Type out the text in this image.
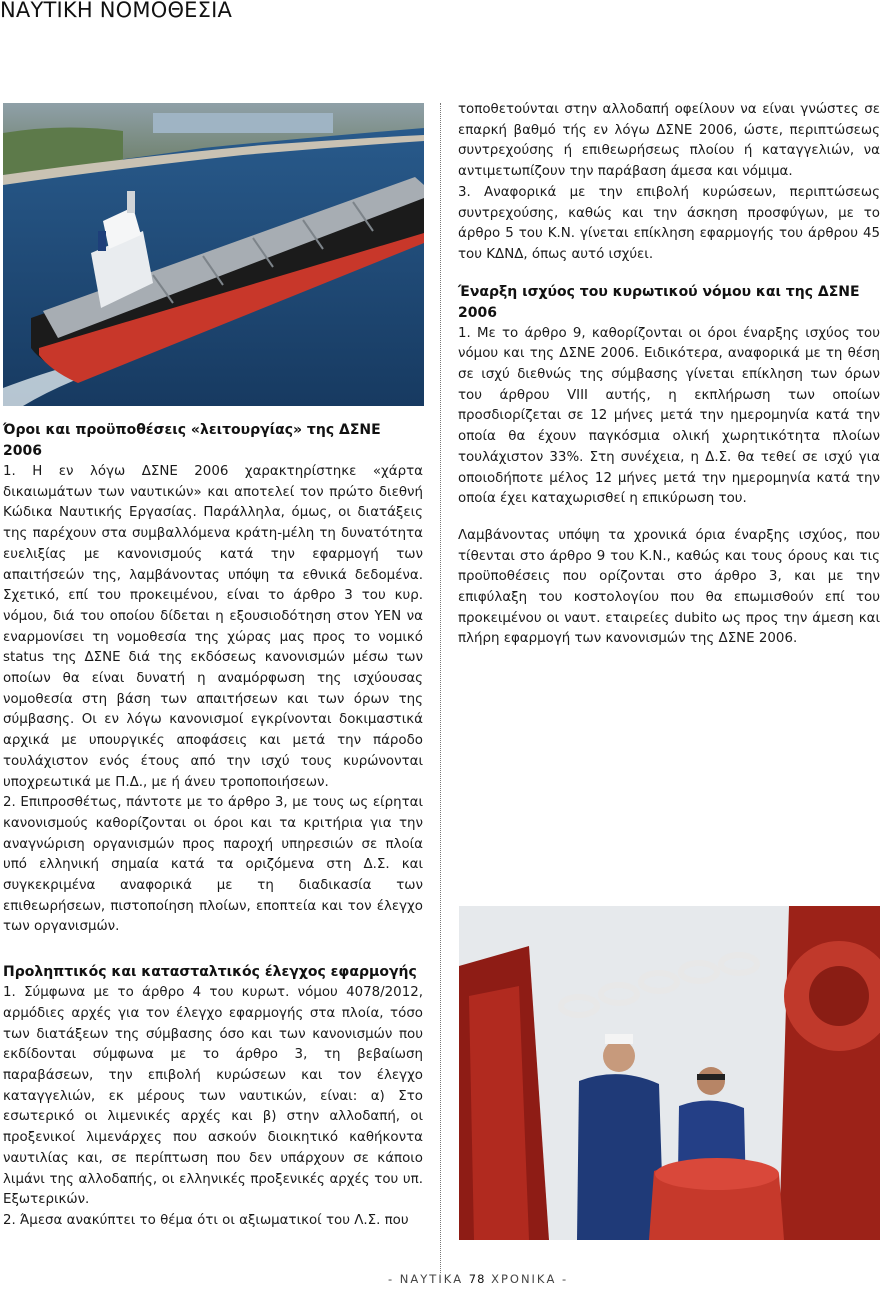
ΝΑΥΤΙΚΗ ΝΟΜΟΘΕΣΙΑ
Όροι και προϋποθέσεις «λειτουργίας» της ΔΣΝΕ 2006

1. Η εν λόγω ΔΣΝΕ 2006 χαρακτηρίστηκε «χάρτα δικαιωμάτων των ναυτικών» και αποτελεί τον πρώτο διεθνή Κώδικα Ναυτικής Εργασίας. Παράλληλα, όμως, οι διατάξεις της παρέχουν στα συμβαλλόμενα κράτη-μέλη τη δυνατότητα ευελιξίας με κανονισμούς κατά την εφαρμογή των απαιτήσεών της, λαμβάνοντας υπόψη τα εθνικά δεδομένα. Σχετικό, επί του προκειμένου, είναι το άρθρο 3 του κυρ. νόμου, διά του οποίου δίδεται η εξουσιοδότηση στον ΥΕΝ να εναρμονίσει τη νομοθεσία της χώρας μας προς το νομικό status της ΔΣΝΕ διά της εκδόσεως κανονισμών μέσω των οποίων θα είναι δυνατή η αναμόρφωση της ισχύουσας νομοθεσία στη βάση των απαιτήσεων και των όρων της σύμβασης. Οι εν λόγω κανονισμοί εγκρίνονται δοκιμαστικά αρχικά με υπουργικές αποφάσεις και μετά την πάροδο τουλάχιστον ενός έτους από την ισχύ τους κυρώνονται υποχρεωτικά με Π.Δ., με ή άνευ τροποποιήσεων.

2. Επιπροσθέτως, πάντοτε με το άρθρο 3, με τους ως είρηται κανονισμούς καθορίζονται οι όροι και τα κριτήρια για την αναγνώριση οργανισμών προς παροχή υπηρεσιών σε πλοία υπό ελληνική σημαία κατά τα οριζόμενα στη Δ.Σ. και συγκεκριμένα αναφορικά με τη διαδικασία των επιθεωρήσεων, πιστοποίηση πλοίων, εποπτεία και τον έλεγχο των οργανισμών.

Προληπτικός και κατασταλτικός έλεγχος εφαρμογής

1. Σύμφωνα με το άρθρο 4 του κυρωτ. νόμου 4078/2012, αρμόδιες αρχές για τον έλεγχο εφαρμογής στα πλοία, τόσο των διατάξεων της σύμβασης όσο και των κανονισμών που εκδίδονται σύμφωνα με το άρθρο 3, τη βεβαίωση παραβάσεων, την επιβολή κυρώσεων και τον έλεγχο καταγγελιών, εκ μέρους των ναυτικών, είναι: α) Στο εσωτερικό οι λιμενικές αρχές και β) στην αλλοδαπή, οι προξενικοί λιμενάρχες που ασκούν διοικητικό καθήκοντα ναυτιλίας και, σε περίπτωση που δεν υπάρχουν σε κάποιο λιμάνι της αλλοδαπής, οι ελληνικές προξενικές αρχές του υπ. Εξωτερικών.

2. Άμεσα ανακύπτει το θέμα ότι οι αξιωματικοί του Λ.Σ. που

τοποθετούνται στην αλλοδαπή οφείλουν να είναι γνώστες σε επαρκή βαθμό τής εν λόγω ΔΣΝΕ 2006, ώστε, περιπτώσεως συντρεχούσης ή επιθεωρήσεως πλοίου ή καταγγελιών, να αντιμετωπίζουν την παράβαση άμεσα και νόμιμα.

3. Αναφορικά με την επιβολή κυρώσεων, περιπτώσεως συντρεχούσης, καθώς και την άσκηση προσφύγων, με το άρθρο 5 του Κ.Ν. γίνεται επίκληση εφαρμογής του άρθρου 45 του ΚΔΝΔ, όπως αυτό ισχύει.

Έναρξη ισχύος του κυρωτικού νόμου και της ΔΣΝΕ 2006

1. Με το άρθρο 9, καθορίζονται οι όροι έναρξης ισχύος του νόμου και της ΔΣΝΕ 2006. Ειδικότερα, αναφορικά με τη θέση σε ισχύ διεθνώς της σύμβασης γίνεται επίκληση των όρων του άρθρου VIII αυτής, η εκπλήρωση των οποίων προσδιορίζεται σε 12 μήνες μετά την ημερομηνία κατά την οποία θα έχουν παγκόσμια ολική χωρητικότητα πλοίων τουλάχιστον 33%. Στη συνέχεια, η Δ.Σ. θα τεθεί σε ισχύ για οποιοδήποτε μέλος 12 μήνες μετά την ημερομηνία κατά την οποία έχει καταχωρισθεί η επικύρωση του.

Λαμβάνοντας υπόψη τα χρονικά όρια έναρξης ισχύος, που τίθενται στο άρθρο 9 του Κ.Ν., καθώς και τους όρους και τις προϋποθέσεις που ορίζονται στο άρθρο 3, και με την επιφύλαξη του κοστολογίου που θα επωμισθούν επί του προκειμένου οι ναυτ. εταιρείες dubito ως προς την άμεση και πλήρη εφαρμογή των κανονισμών της ΔΣΝΕ 2006.

- ΝΑΥΤΙΚΑ 78 ΧΡΟΝΙΚΑ -
